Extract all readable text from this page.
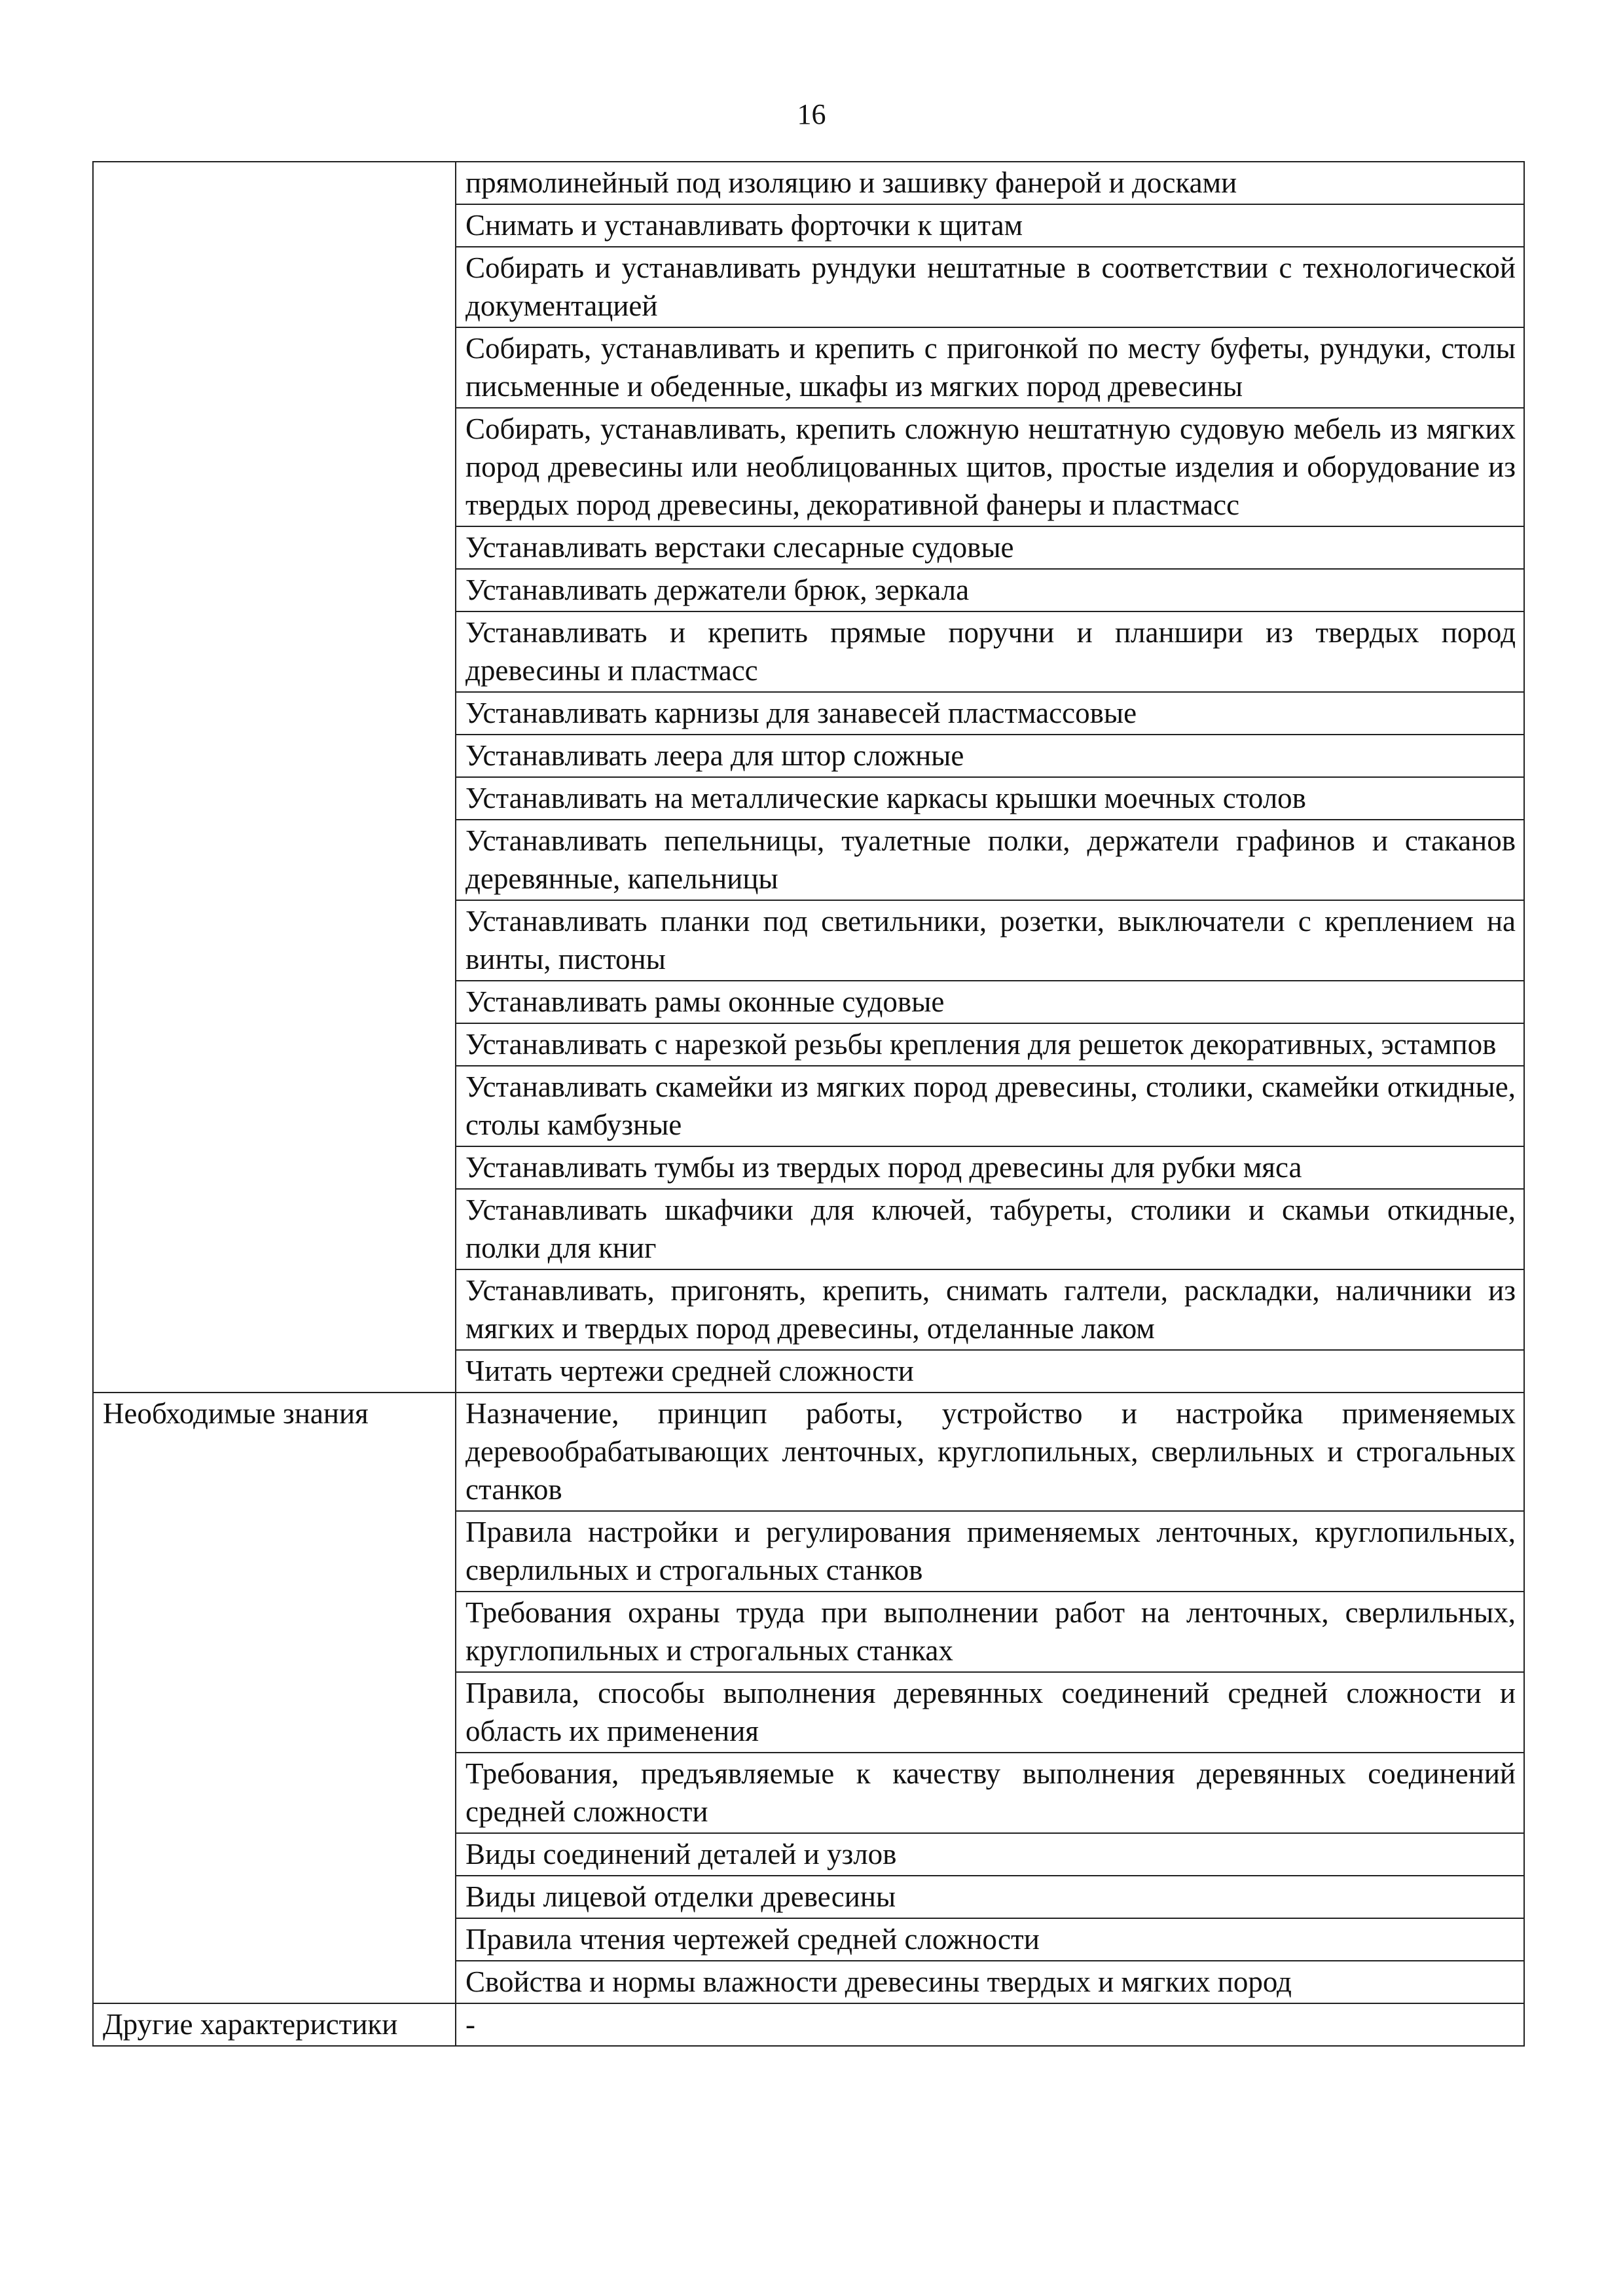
16
	прямолинейный под изоляцию и зашивку фанерой и досками
	Снимать и устанавливать форточки к щитам
	Собирать и устанавливать рундуки нештатные в соответствии с технологической документацией
	Собирать, устанавливать и крепить с пригонкой по месту буфеты, рундуки, столы письменные и обеденные, шкафы из мягких пород древесины
	Собирать, устанавливать, крепить сложную нештатную судовую мебель из мягких пород древесины или необлицованных щитов, простые изделия и оборудование из твердых пород древесины, декоративной фанеры и пластмасс
	Устанавливать верстаки слесарные судовые
	Устанавливать держатели брюк, зеркала
	Устанавливать и крепить прямые поручни и планшири из твердых пород древесины и пластмасс
	Устанавливать карнизы для занавесей пластмассовые
	Устанавливать леера для штор сложные
	Устанавливать на металлические каркасы крышки моечных столов
	Устанавливать пепельницы, туалетные полки, держатели графинов и стаканов деревянные, капельницы
	Устанавливать планки под светильники, розетки, выключатели с креплением на винты, пистоны
	Устанавливать рамы оконные судовые
	Устанавливать с нарезкой резьбы крепления для решеток декоративных, эстампов
	Устанавливать скамейки из мягких пород древесины, столики, скамейки откидные, столы камбузные
	Устанавливать тумбы из твердых пород древесины для рубки мяса
	Устанавливать шкафчики для ключей, табуреты, столики и скамьи откидные, полки для книг
	Устанавливать, пригонять, крепить, снимать галтели, раскладки, наличники из мягких и твердых пород древесины, отделанные лаком
	Читать чертежи средней сложности
Необходимые знания	Назначение, принцип работы, устройство и настройка применяемых деревообрабатывающих ленточных, круглопильных, сверлильных и строгальных станков
	Правила настройки и регулирования применяемых ленточных, круглопильных, сверлильных и строгальных станков
	Требования охраны труда при выполнении работ на ленточных, сверлильных, круглопильных и строгальных станках
	Правила, способы выполнения деревянных соединений средней сложности и область их применения
	Требования, предъявляемые к качеству выполнения деревянных соединений средней сложности
	Виды соединений деталей и узлов
	Виды лицевой отделки древесины
	Правила чтения чертежей средней сложности
	Свойства и нормы влажности древесины твердых и мягких пород
Другие характеристики	-
